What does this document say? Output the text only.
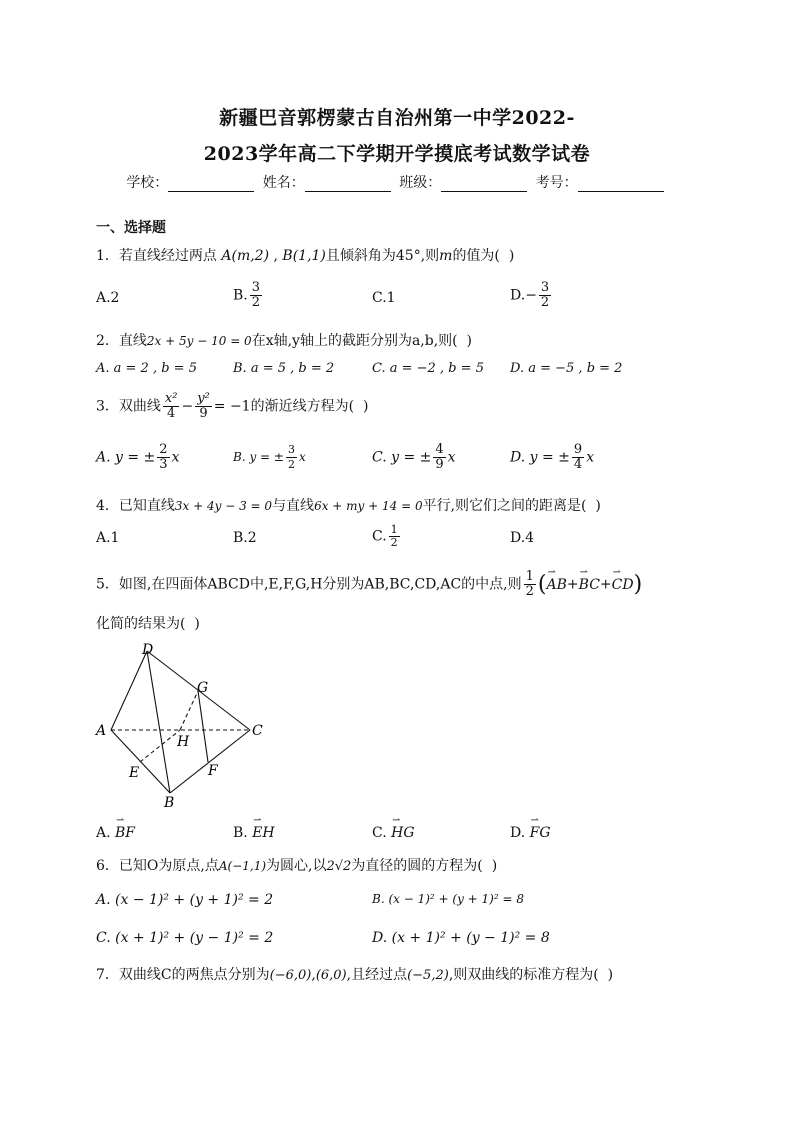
新疆巴音郭楞蒙古自治州第一中学2022-
2023学年高二下学期开学摸底考试数学试卷
学校：	姓名：	班级：	考号：
一、选择题
1．若直线经过两点 A(m,2) , B(1,1)且倾斜角为45°,则m的值为( )
A.2	B. $\frac{3}{2}$	C.1	$D.- \frac{3}{2}$
2．直线2x + 5y − 10 = 0在x轴,y轴上的截距分别为a,b,则( )
A. a = 2 , b = 5	B. a = 5 , b = 2	C. a = −2 , b = 5 D. a = −5 , b = 2
3．双曲线 $\frac{\text{x²}}{4} - \frac{\text{y²}}{9} = -1$的渐近线方程为( )
A. y = ± $\frac{2}{3}$ x	B. y = ± $\frac{3}{2}$ x	C. y = ± $\frac{4}{9}$ x	D. y = ± $\frac{9}{4}$ x
4．已知直线3x + 4y − 3 = 0与直线6x + my + 14 = 0平行,则它们之间的距离是( )
A.1	B.2	C. $\frac{1}{2}$	D.4
5．如图,在四面体ABCD中,E,F,G,H分别为AB,BC,CD,AC的中点,则 $\frac{1}{2}$ (⇀ AB+⇀ BC+⇀ CD)
化简的结果为( )
D
A	C
B
G
H
E	F
A. ⇀ BF	B. ⇀ EH	C. ⇀ HG	D. ⇀ FG
6．已知O为原点,点A(−1,1)为圆心,以2√2为直径的圆的方程为( )
A. (x − 1)² + (y + 1)² = 2	B. (x − 1)² + (y + 1)² = 8
C. (x + 1)² + (y − 1)² = 2	D. (x + 1)² + (y − 1)² = 8
7．双曲线C的两焦点分别为(−6,0),(6,0),且经过点(−5,2),则双曲线的标准方程为( )
